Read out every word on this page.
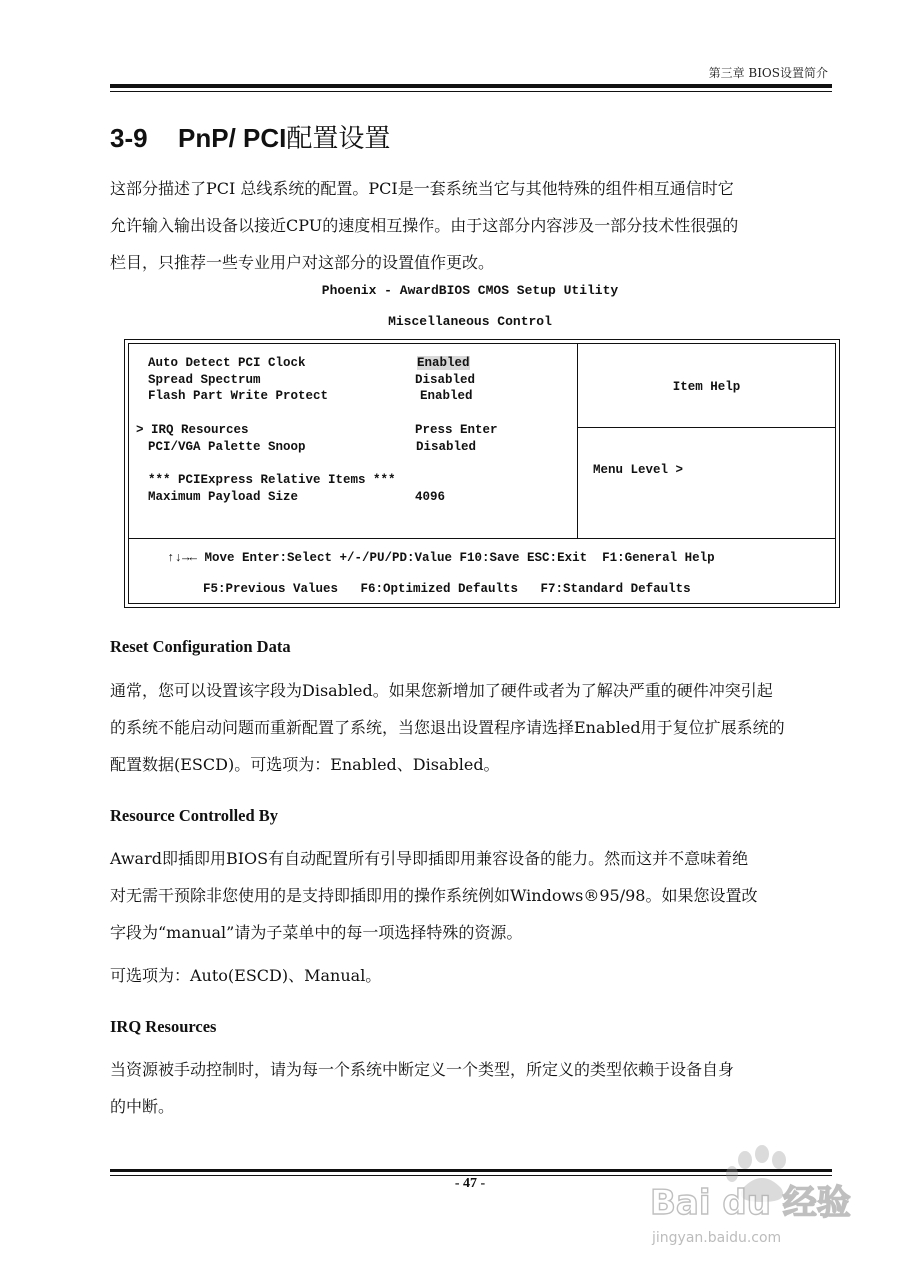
第三章 BIOS设置简介
3-9 PnP/ PCI配置设置

这部分描述了PCI 总线系统的配置。PCI是一套系统当它与其他特殊的组件相互通信时它

允许输入输出设备以接近CPU的速度相互操作。由于这部分内容涉及一部分技术性很强的

栏目，只推荐一些专业用户对这部分的设置值作更改。

Phoenix - AwardBIOS CMOS Setup Utility
Miscellaneous Control
Auto Detect PCI Clock	Enabled
Spread Spectrum	Disabled
Flash Part Write Protect	Enabled
> IRQ Resources	Press Enter
PCI/VGA Palette Snoop	Disabled
*** PCIExpress Relative Items ***
Maximum Payload Size	4096
Item Help
Menu Level >
↑↓→← Move Enter:Select +/-/PU/PD:Value F10:Save ESC:Exit  F1:General Help
F5:Previous Values   F6:Optimized Defaults   F7:Standard Defaults
Reset Configuration Data

通常，您可以设置该字段为Disabled。如果您新增加了硬件或者为了解决严重的硬件冲突引起

的系统不能启动问题而重新配置了系统，当您退出设置程序请选择Enabled用于复位扩展系统的

配置数据(ESCD)。可选项为：Enabled、Disabled。

Resource Controlled By

Award即插即用BIOS有自动配置所有引导即插即用兼容设备的能力。然而这并不意味着绝

对无需干预除非您使用的是支持即插即用的操作系统例如Windows®95/98。如果您设置改

字段为“manual”请为子菜单中的每一项选择特殊的资源。

可选项为：Auto(ESCD)、Manual。

IRQ Resources

当资源被手动控制时，请为每一个系统中断定义一个类型，所定义的类型依赖于设备自身

的中断。

- 47 -	Bai du 经验
jingyan.baidu.com
